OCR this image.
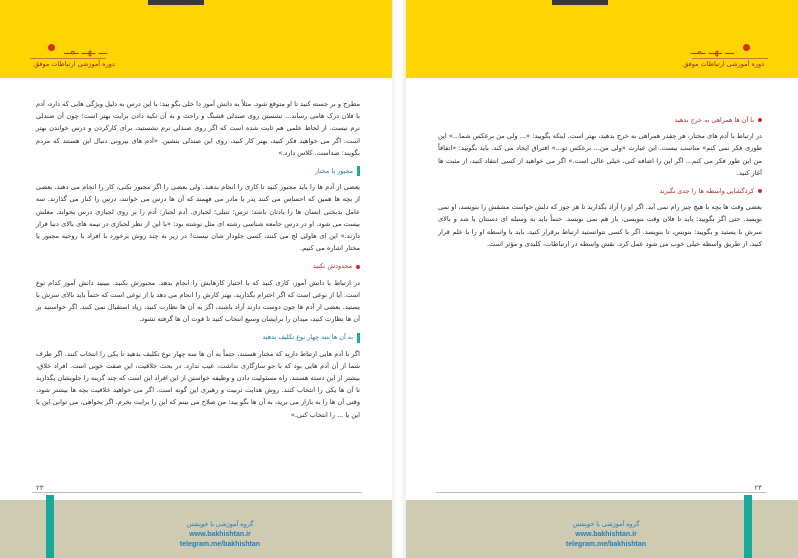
ـــ ـهــ ـمــ
دوره آموزشی ارتباطات موفق

مطرح و بر جسته کنید تا او متوقع شود. مثلاً به دانش آموز دا خلی بگو یید: با این درس به دلیل ویژگی هایی که دارد، آدم با فلان درک هامی رساند... نشستن روی صندلی قشنگ و راحت و به آن تکیه دادن برایت بهتر است؛ چون آن صندلی نرم نیست. از لحاظ علمی هم ثابت شده است که اگر روی صندلی نرم نشستید، برای کارکردن و درس خواندن بهتر است. اگر می خواهید فکر کنید، بهتر کار کنید، روی این صندلی بنشین. «آدم های بیرونی دنبال این هستند که مردم بگویند: صداست. کلاس دارد.»

مجبور یا مختار

بعضی از آدم ها را باید مجبور کنید تا کاری را انجام بدهند. ولی بعضی را اگر مجبور نکنی، کار را انجام می دهند. بعضی از بچه ها همین که احساس می کنند پدر یا مادر می فهمند که آن ها درس می خوانند، درس را کنار می گذارند. سه عامل بدبختی انسان ها را یادتان باشد: ترس؛ تنبلی؛ لجبازی. آدم لجباز: آدم را بر روی لجبازی درس بخواند. معلش بیست می شود. او در درس جامعه شناسی رشته ای مثل نوشته بود: «با این از نظر لجبازی در نیمه های بالای دنیا قرار دارند.» این ای هاولی لج می کنند، کسی جلودار شان نیست! در زیر به چند روش برخورد با افراد با روحیه مجبور یا مختار اشاره می کنیم.

محدودش نکنید

در ارتباط با دانش آموز، کاری کنید که با اختیار کارهایش را انجام بدهد. مجبورش نکنید. ببینید دانش آموز کدام نوع است. آیا از نوعی است که اگر احترام بگذارید، بهتر کارش را انجام می دهد یا از نوعی است که حتماً باید بالای سرش با یستید. بعضی از آدم ها چون دوست دارند آزاد باشند، اگر به آن ها نظارت کنید، زیاد استقبال نمی کنند. اگر خواستید بر آن ها نظارت کنید، میدان را برایشان وسیع انتخاب کنید تا قوت آن ها گرفته نشود.

به آن ها سه چهار نوع تکلیف بدهید

اگر با آدم هایی ارتباط دارید که مختار هستند، حتماً به آن ها سه چهار نوع تکلیف بدهید تا یکی را انتخاب کنند. اگر طرف شما از آن آدم هایی بود که با جو سازگاری نداشت، عیب ندارد. در بحث خلاقیت، این صفت خوبی است. افراد خلاق، بیشتر از این دسته هستند. راه مسئولیت دادن و وظیفه خواستن از این افراد این است که چند گزینه را جلویشان بگذارید تا آن ها یکی را انتخاب کنند. روش هدایت تربیت و رهبری این گونه است. اگر می خواهید خلاقیت بچه ها بیشتر شود، وقتی آن ها را به بازار می برید، به آن ها بگو یید: من صلاح می بینم که این را برایت بخرم. اگر بخواهی، می توانی این یا این یا ... را انتخاب کنی.»

۲۳
گروه آموزشی با خویشتن
www.bakhishtan.ir
telegram.me/bakhishtan
ـــ ـهــ ـمــ
دوره آموزشی ارتباطات موفق
با آن ها همراهی به خرج بدهید

در ارتباط با آدم های مختار، هر چقدر همراهی به خرج بدهید، بهتر است. اینکه بگویید: «... ولی من برعکس شما...» این طوری فکر نمی کنم» مناسب نیست. این عبارت «ولی من... برعکس تو...» افتراق ایجاد می کند. باید بگویید: «اتفاقاً من این طور فکر می کنم... اگر این را اضافه کنی، خیلی عالی است.» اگر می خواهید از کسی انتقاد کنید، از مثبت ها آغاز کنید.

کردگشایی واسطه ها را جدی بگیرید

بعضی وقت ها بچه با هیچ چیز رام نمی آید. اگر او را آزاد بگذارید تا هر جور که دلش خواست مشقش را بنویسد، او نمی نویسد. حتی اگر بگویید: باید تا فلان وقت بنویسی، باز هم نمی نویسد. حتماً باید به وسیله ای دستتان با شد و بالای سرش با یستید و بگویید: بنویس، تا بنویسد. اگر با کسی نتوانستید ارتباط برقرار کنید، باید با واسطه او را با علم قرار کنید. از طریق واسطه خیلی خوب می شود عمل کرد. نقش واسطه در ارتباطات، کلیدی و مؤثر است.

۲۴
گروه آموزشی با خویشتن
www.bakhishtan.ir
telegram.me/bakhishtan
